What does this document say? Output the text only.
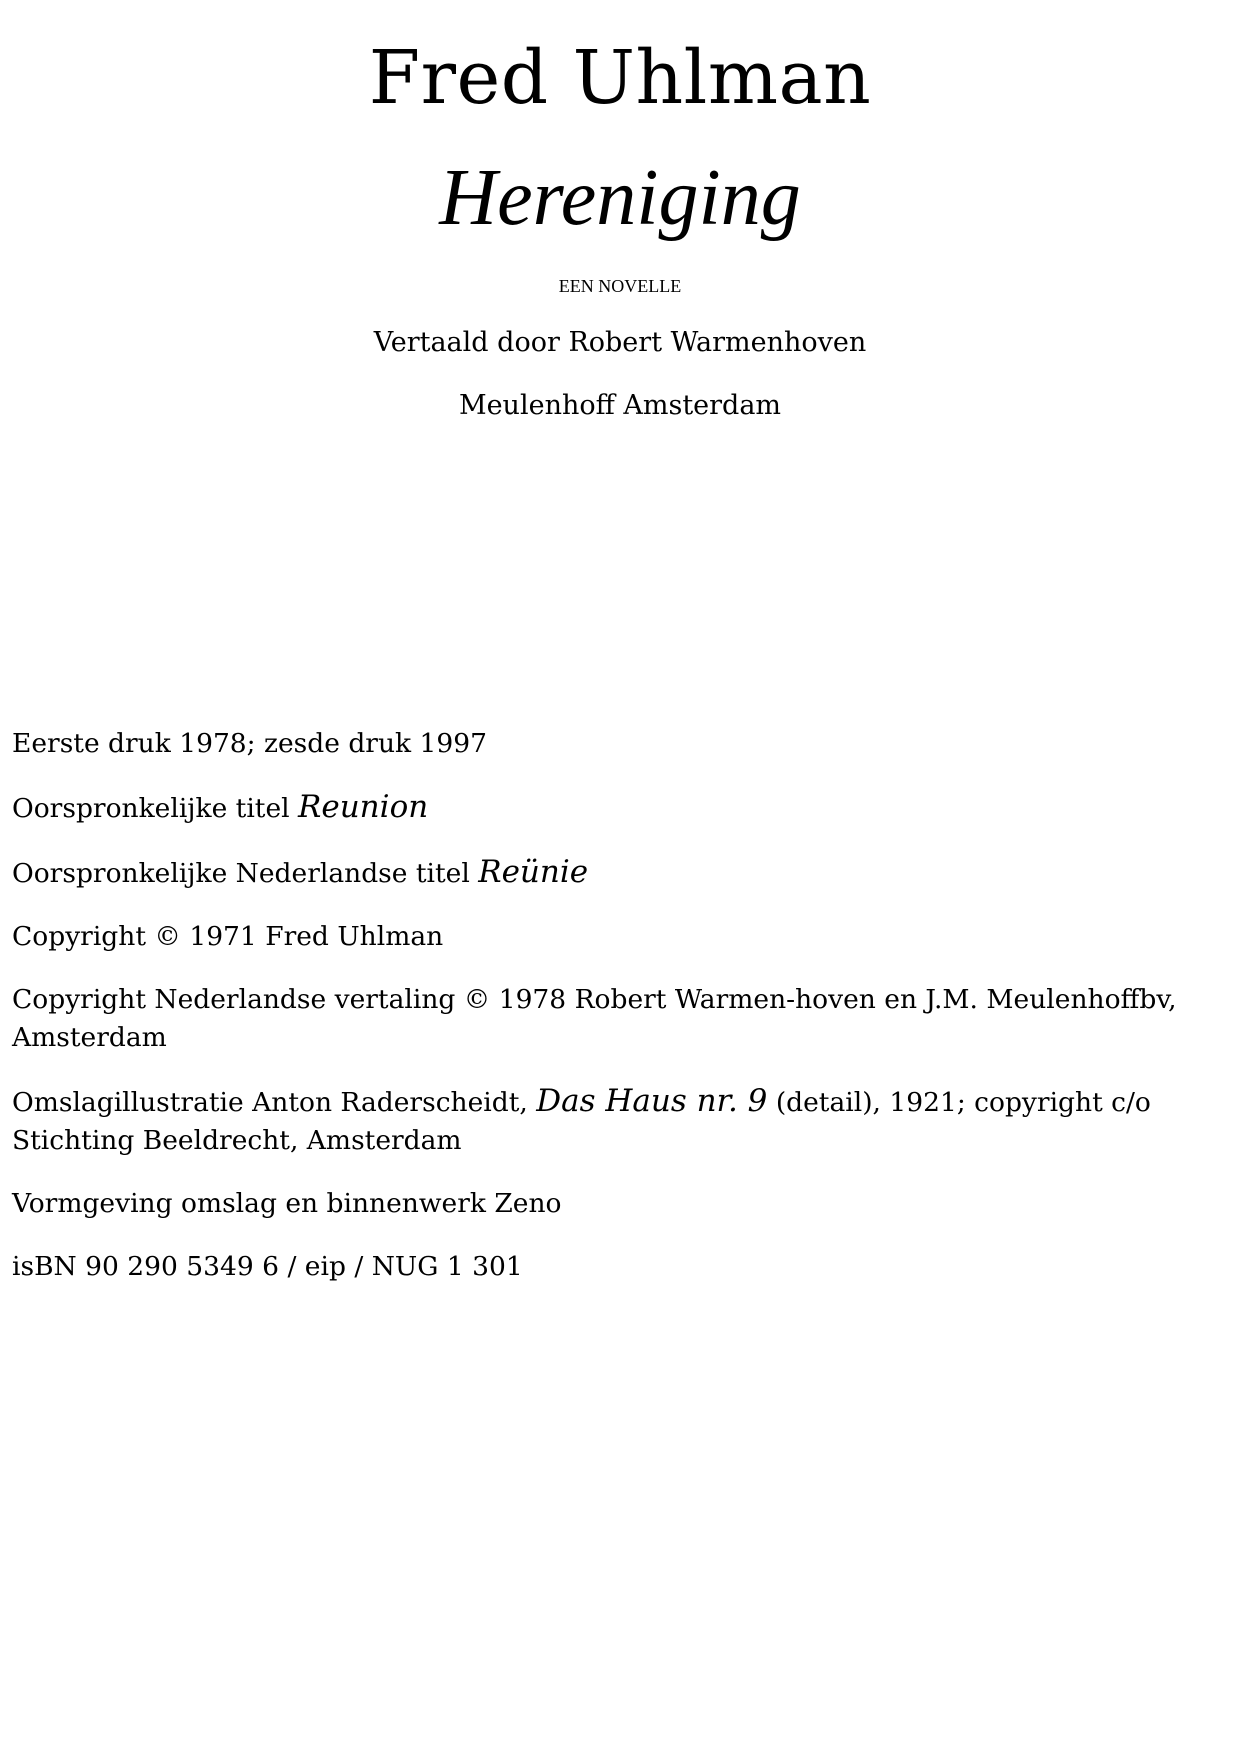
Fred Uhlman
Hereniging
EEN NOVELLE
Vertaald door Robert Warmenhoven
Meulenhoff Amsterdam

Eerste druk 1978; zesde druk 1997

Oorspronkelijke titel Reunion

Oorspronkelijke Nederlandse titel Reünie

Copyright © 1971 Fred Uhlman

Copyright Nederlandse vertaling © 1978 Robert Warmen-hoven en J.M. Meulenhoffbv, Amsterdam

Omslagillustratie Anton Raderscheidt, Das Haus nr. 9 (detail), 1921; copyright c/o Stichting Beeldrecht, Amsterdam

Vormgeving omslag en binnenwerk Zeno

isBN 90 290 5349 6 / eip / NUG 1 301
